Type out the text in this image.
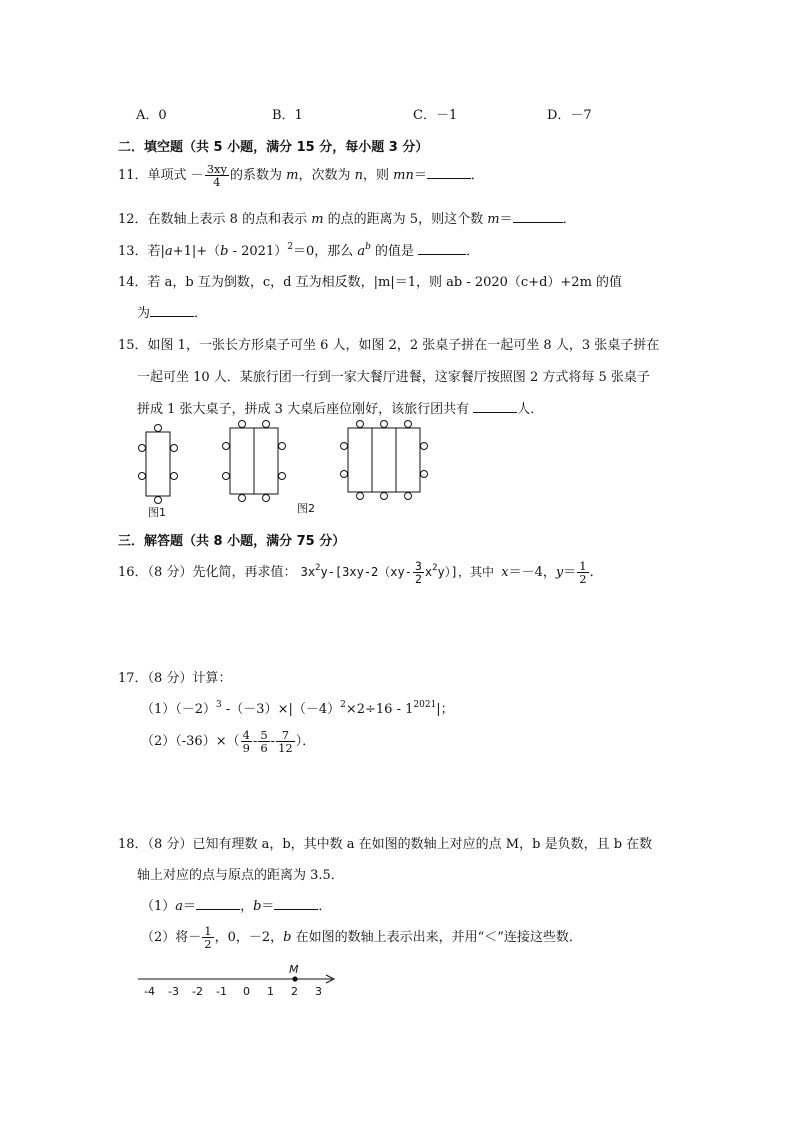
A．0	B．1	C．－1	D．－7
二．填空题（共 5 小题，满分 15 分，每小题 3 分）
11．单项式 － $\frac{3xy}{4}$ 的系数为 m，次数为 n，则 mn＝	．
12．在数轴上表示 8 的点和表示 m 的点的距离为 5，则这个数 m＝	．
13．若|a+1|+（b - 2021）$^2$＝0，那么 $a^b$ 的值是	．
14．若 a，b 互为倒数，c，d 互为相反数，|m|＝1，则 ab - 2020（c+d）+2m 的值
为	．
15．如图 1，一张长方形桌子可坐 6 人，如图 2，2 张桌子拼在一起可坐 8 人，3 张桌子拼在
一起可坐 10 人．某旅行团一行到一家大餐厅进餐，这家餐厅按照图 2 方式将每 5 张桌子
拼成 1 张大桌子，拼成 3 大桌后座位刚好，该旅行团共有	人．
图1	图2
三．解答题（共 8 小题，满分 75 分）
16．（8 分）先化简，再求值： $3x^2y-[3xy-2(xy- \frac{3}{2} x^2y)]$，其中 x＝－4，$y= \frac{1}{2}$ ．
17．（8 分）计算：
$(1)(-2)^3$ $-(-3)\times|(-4)^2\times 2\div 16 - 1^{2021}|$；
$(2)(-36)\times( \frac{4}{9} - \frac{5}{6} - \frac{7}{12}$ ）．
18．（8 分）已知有理数 a，b，其中数 a 在如图的数轴上对应的点 M，b 是负数，且 b 在数
轴上对应的点与原点的距离为 3.5．
（1）a＝	，b＝	．
（2）将－ $\frac{1}{2}$ ，0，－2，b 在如图的数轴上表示出来，并用“＜”连接这些数．
M
-4 -3 -2 -1 0 1 2 3
